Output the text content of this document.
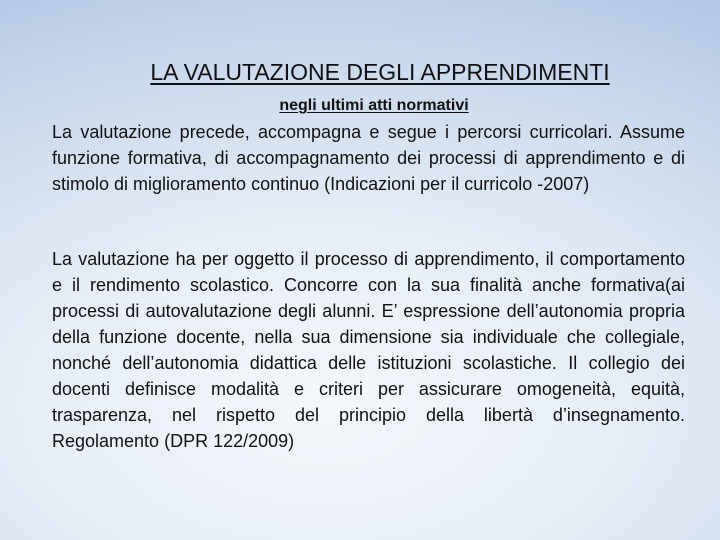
LA VALUTAZIONE DEGLI APPRENDIMENTI
negli ultimi atti normativi

La valutazione precede, accompagna e segue i percorsi curricolari. Assume funzione formativa, di accompagnamento dei processi di apprendimento e di stimolo di miglioramento continuo (Indicazioni per il curricolo -2007)

La valutazione ha per oggetto il processo di apprendimento, il comportamento e il rendimento scolastico. Concorre con la sua finalità anche formativa(ai processi di autovalutazione degli alunni. E’ espressione dell’autonomia propria della funzione docente, nella sua dimensione sia individuale che collegiale, nonché dell’autonomia didattica delle istituzioni scolastiche. Il collegio dei docenti definisce modalità e criteri per assicurare omogeneità, equità, trasparenza, nel rispetto del principio della libertà d’insegnamento. Regolamento (DPR 122/2009)
